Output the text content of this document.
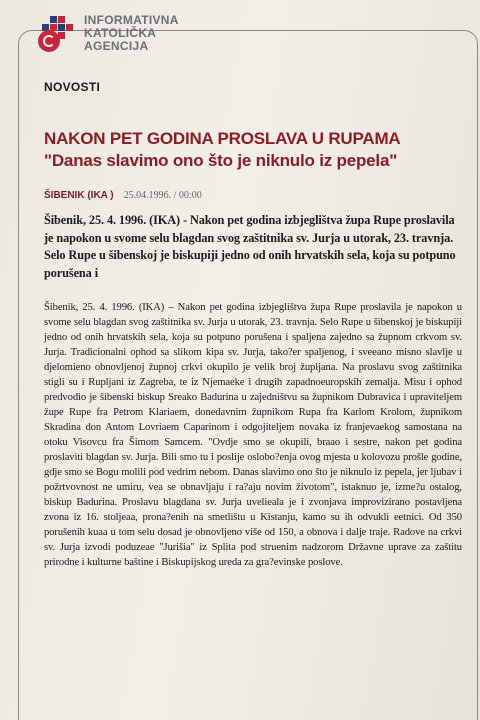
INFORMATIVNA
KATOLIČKA
AGENCIJA
NOVOSTI
NAKON PET GODINA PROSLAVA U RUPAMA
"Danas slavimo ono što je niknulo iz pepela"
ŠIBENIK (IKA ) 25.04.1996. / 00:00
Šibenik, 25. 4. 1996. (IKA) - Nakon pet godina izbjeglištva župa Rupe proslavila je napokon u svome selu blagdan svog zaštitnika sv. Jurja u utorak, 23. travnja. Selo Rupe u šibenskoj je biskupiji jedno od onih hrvatskih sela, koja su potpuno porušena i
Šibenik, 25. 4. 1996. (IKA) – Nakon pet godina izbjeglištva župa Rupe proslavila je napokon u svome selu blagdan svog zaštitnika sv. Jurja u utorak, 23. travnja. Selo Rupe u šibenskoj je biskupiji jedno od onih hrvatskih sela, koja su potpuno porušena i spaljena zajedno sa župnom crkvom sv. Jurja. Tradicionalni ophod sa slikom kipa sv. Jurja, tako?er spaljenog, i sveeano misno slavlje u djelomieno obnovljenoj župnoj crkvi okupilo je velik broj župljana. Na proslavu svog zaštitnika stigli su i Rupljani iz Zagreba, te iz Njemaeke i drugih zapadnoeuropskih zemalja. Misu i ophod predvodio je šibenski biskup Sreako Badurina u zajedništvu sa župnikom Dubravica i upraviteljem župe Rupe fra Petrom Klariaem, donedavnim župnikom Rupa fra Karlom Krolom, župnikom Skradina don Antom Lovriaem Caparinom i odgojiteljem novaka iz franjevaekog samostana na otoku Visovcu fra Šimom Samcem. "Ovdje smo se okupili, braao i sestre, nakon pet godina proslaviti blagdan sv. Jurja. Bili smo tu i poslije oslobo?enja ovog mjesta u kolovozu prošle godine, gdje smo se Bogu molili pod vedrim nebom. Danas slavimo ono što je niknulo iz pepela, jer ljubav i požrtvovnost ne umiru, vea se obnavljaju i ra?aju novim životom", istaknuo je, izme?u ostalog, biskup Badurina. Proslavu blagdana sv. Jurja uvelieala je i zvonjava improvizirano postavljena zvona iz 16. stoljeaa, prona?enih na smetlištu u Kistanju, kamo su ih odvukli eetnici. Od 350 porušenih kuaa u tom selu dosad je obnovljeno više od 150, a obnova i dalje traje. Radove na crkvi sv. Jurja izvodi poduzeae "Jurišia" iz Splita pod struenim nadzorom Državne uprave za zaštitu prirodne i kulturne baštine i Biskupijskog ureda za gra?evinske poslove.
